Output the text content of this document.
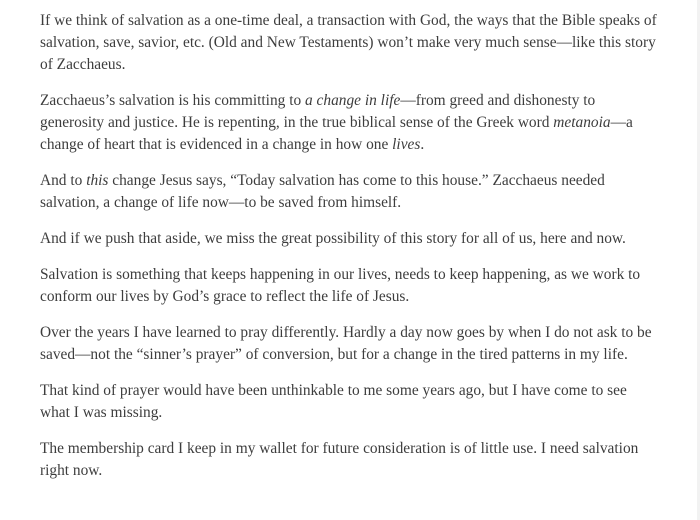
If we think of salvation as a one-time deal, a transaction with God, the ways that the Bible speaks of salvation, save, savior, etc. (Old and New Testaments) won’t make very much sense—like this story of Zacchaeus.

Zacchaeus’s salvation is his committing to a change in life—from greed and dishonesty to generosity and justice. He is repenting, in the true biblical sense of the Greek word metanoia—a change of heart that is evidenced in a change in how one lives.

And to this change Jesus says, “Today salvation has come to this house.” Zacchaeus needed salvation, a change of life now—to be saved from himself.

And if we push that aside, we miss the great possibility of this story for all of us, here and now.

Salvation is something that keeps happening in our lives, needs to keep happening, as we work to conform our lives by God’s grace to reflect the life of Jesus.

Over the years I have learned to pray differently. Hardly a day now goes by when I do not ask to be saved—not the “sinner’s prayer” of conversion, but for a change in the tired patterns in my life.

That kind of prayer would have been unthinkable to me some years ago, but I have come to see what I was missing.

The membership card I keep in my wallet for future consideration is of little use. I need salvation right now.
